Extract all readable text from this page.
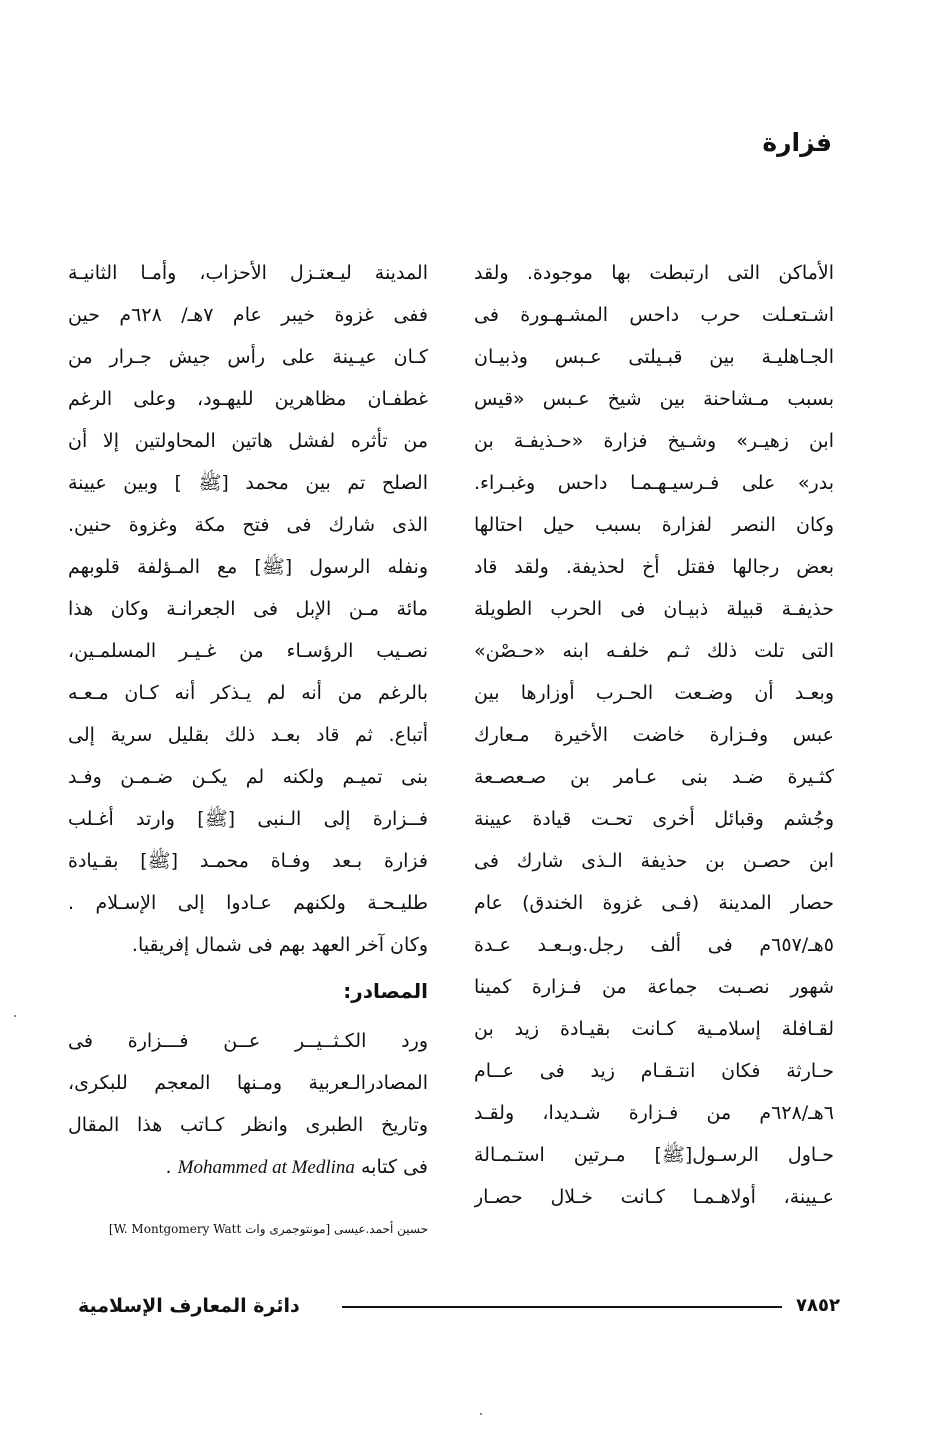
فزارة
الأماكن التى ارتبطت بها موجودة. ولقد
اشـتعـلت حرب داحس المشـهـورة فى
الجـاهليـة بين قبـيلتى عـبس وذبيـان
بسبب مـشاحنة بين شيخ عـبس «قيس
ابن زهيـر» وشـيخ فزارة «حـذيفـة بن
بدر» على فـرسيـهـمـا داحس وغبـراء.
وكان النصر لفزارة بسبب حيل احتالها
بعض رجالها فقتل أخ لحذيفة. ولقد قاد
حذيفـة قبيلة ذبيـان فى الحرب الطويلة
التى تلت ذلك ثـم خلفـه ابنه «حـصْن»
وبعـد أن وضـعت الحـرب أوزارها بين
عبس وفـزارة خاضت الأخيرة مـعارك
كثـيرة ضـد بنى عـامر بن صـعصـعة
وجُشم وقبائل أخرى تحـت قيادة عيينة
ابن حصـن بن حذيفة الـذى شارك فى
حصار المدينة (فـى غزوة الخندق) عام
٥هـ/٦٥٧م فى ألف رجل.وبـعـد عـدة
شهور نصـبت جماعة من فـزارة كمينا
لقـافلة إسلامـية كـانت بقيـادة زيد بن
حـارثة فكان انتـقـام زيد فى عــام
٦هـ/٦٢٨م من فـزارة شـديدا، ولقـد
حـاول الرسـول[ﷺ] مـرتين استـمـالة
عـيينة، أولاهـمـا كـانت خـلال حصـار
المدينة ليـعتـزل الأحزاب، وأمـا الثانيـة
ففى غزوة خيبر عام ٧هـ/ ٦٢٨م حين
كـان عيـينة على رأس جيش جـرار من
غطفـان مظاهرين لليهـود، وعلى الرغم
من تأثره لفشل هاتين المحاولتين إلا أن
الصلح تم بين محمد [ﷺ ] وبين عيينة
الذى شارك فى فتح مكة وغزوة حنين.
ونفله الرسول [ﷺ] مع المـؤلفة قلوبهم
مائة مـن الإبل فى الجعرانـة وكان هذا
نصـيب الرؤسـاء من غـيـر المسلمـين،
بالرغم من أنه لم يـذكر أنه كـان مـعـه
أتباع. ثم قاد بعـد ذلك بقليل سرية إلى
بنى تميـم ولكنه لم يكـن ضـمـن وفـد
فــزارة إلى الـنبى [ﷺ] وارتد أغـلب
فزارة بـعد وفـاة محمـد [ﷺ] بقـيادة
طليـحـة ولكنهم عـادوا إلى الإسـلام .
وكان آخر العهد بهم فى شمال إفريقيا.
المصادر:
ورد الكـثــيــر عــن فـــزارة فى
المصادرالـعربية ومـنها المعجم للبكرى،
وتاريخ الطبرى وانظر كـاتب هذا المقال
فى كتابه Mohammed at Medlina .
حسين أحمد.عيسى [مونتوجمرى وات W. Montgomery Watt]
٧٨٥٢
دائرة المعارف الإسلامية
